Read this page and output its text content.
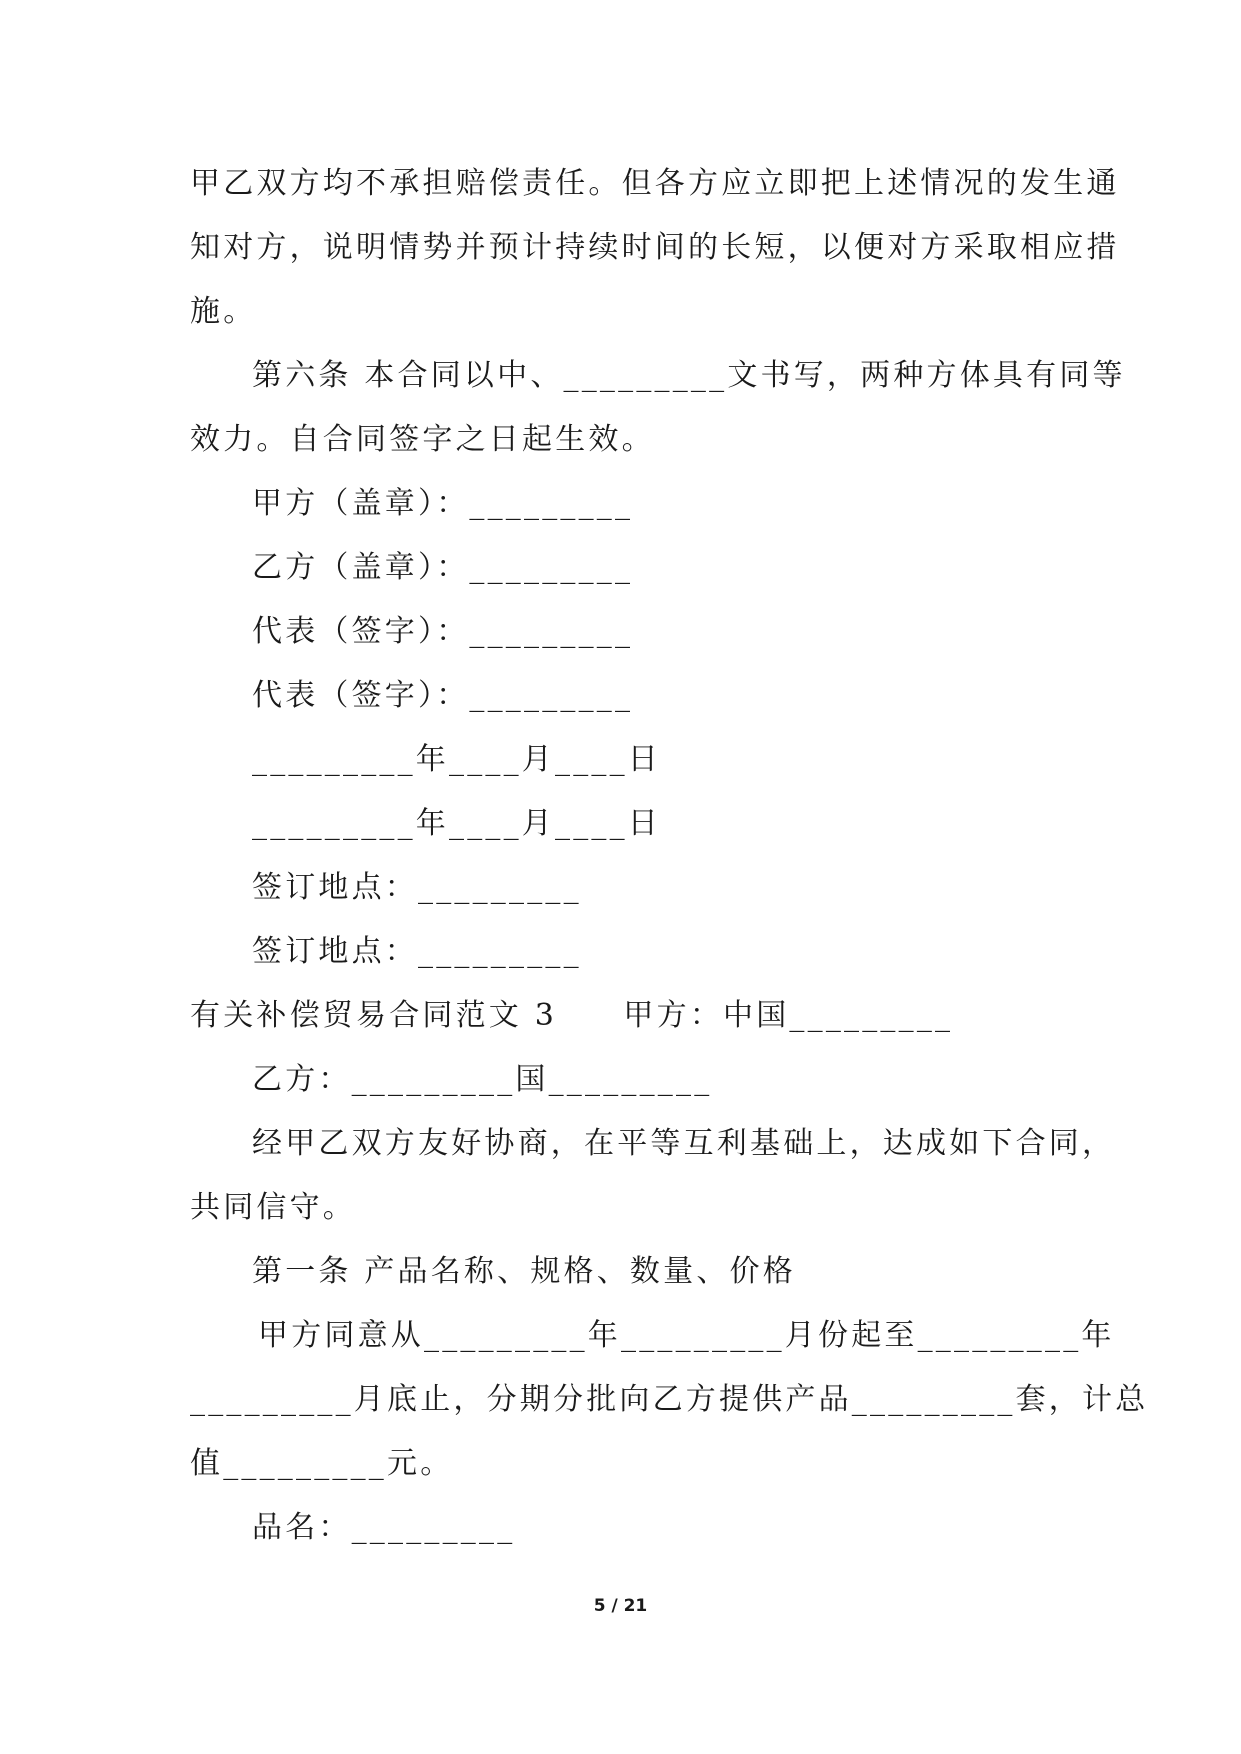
甲乙双方均不承担赔偿责任。但各方应立即把上述情况的发生通
知对方，说明情势并预计持续时间的长短，以便对方采取相应措
施。
第六条 本合同以中、_________文书写，两种方体具有同等
效力。自合同签字之日起生效。
甲方（盖章）：_________
乙方（盖章）：_________
代表（签字）：_________
代表（签字）：_________
_________年____月____日
_________年____月____日
签订地点：_________
签订地点：_________
有关补偿贸易合同范文 3　　甲方：中国_________
乙方：_________国_________
经甲乙双方友好协商，在平等互利基础上，达成如下合同，
共同信守。
第一条 产品名称、规格、数量、价格
甲方同意从_________年_________月份起至_________年
_________月底止，分期分批向乙方提供产品_________套，计总
值_________元。
品名：_________
5 / 21
